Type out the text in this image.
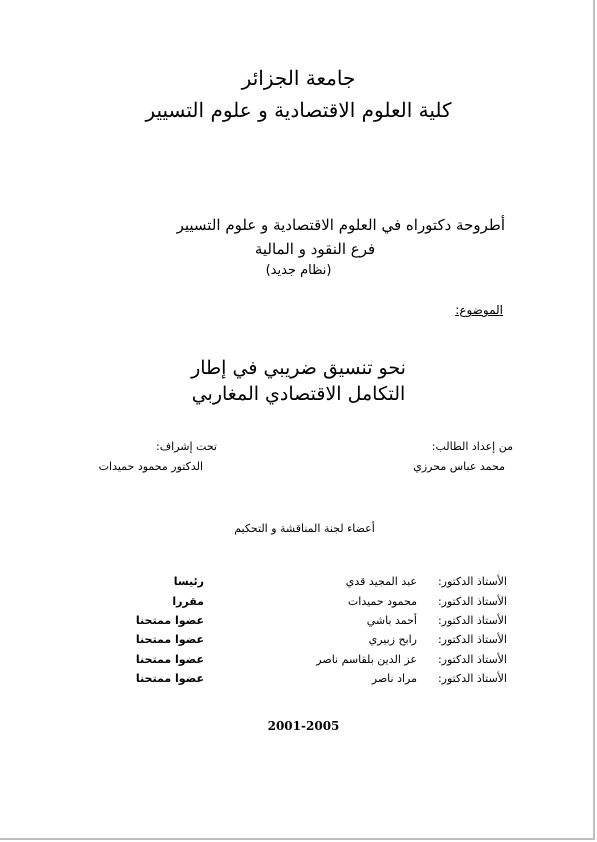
جامعة الجزائر
كلية العلوم الاقتصادية و علوم التسيير
أطروحة دكتوراه في العلوم الاقتصادية و علوم التسيير
فرع النقود و المالية
(نظام جديد)
الموضوع:
نحو تنسيق ضريبي في إطار
التكامل الاقتصادي المغاربي
من إعداد الطالب:
محمد عباس محرزي
تحت إشراف:
الدكتور محمود حميدات
أعضاء لجنة المناقشة و التحكيم
الأستاذ الدكتور:
عبد المجيد قدي
رئيسا
الأستاذ الدكتور:
محمود حميدات
مقررا
الأستاذ الدكتور:
أحمد باشي
عضوا ممتحنا
الأستاذ الدكتور:
رابح زبيري
عضوا ممتحنا
الأستاذ الدكتور:
عز الدين بلقاسم ناصر
عضوا ممتحنا
الأستاذ الدكتور:
مراد ناصر
عضوا ممتحنا
2001-2005
